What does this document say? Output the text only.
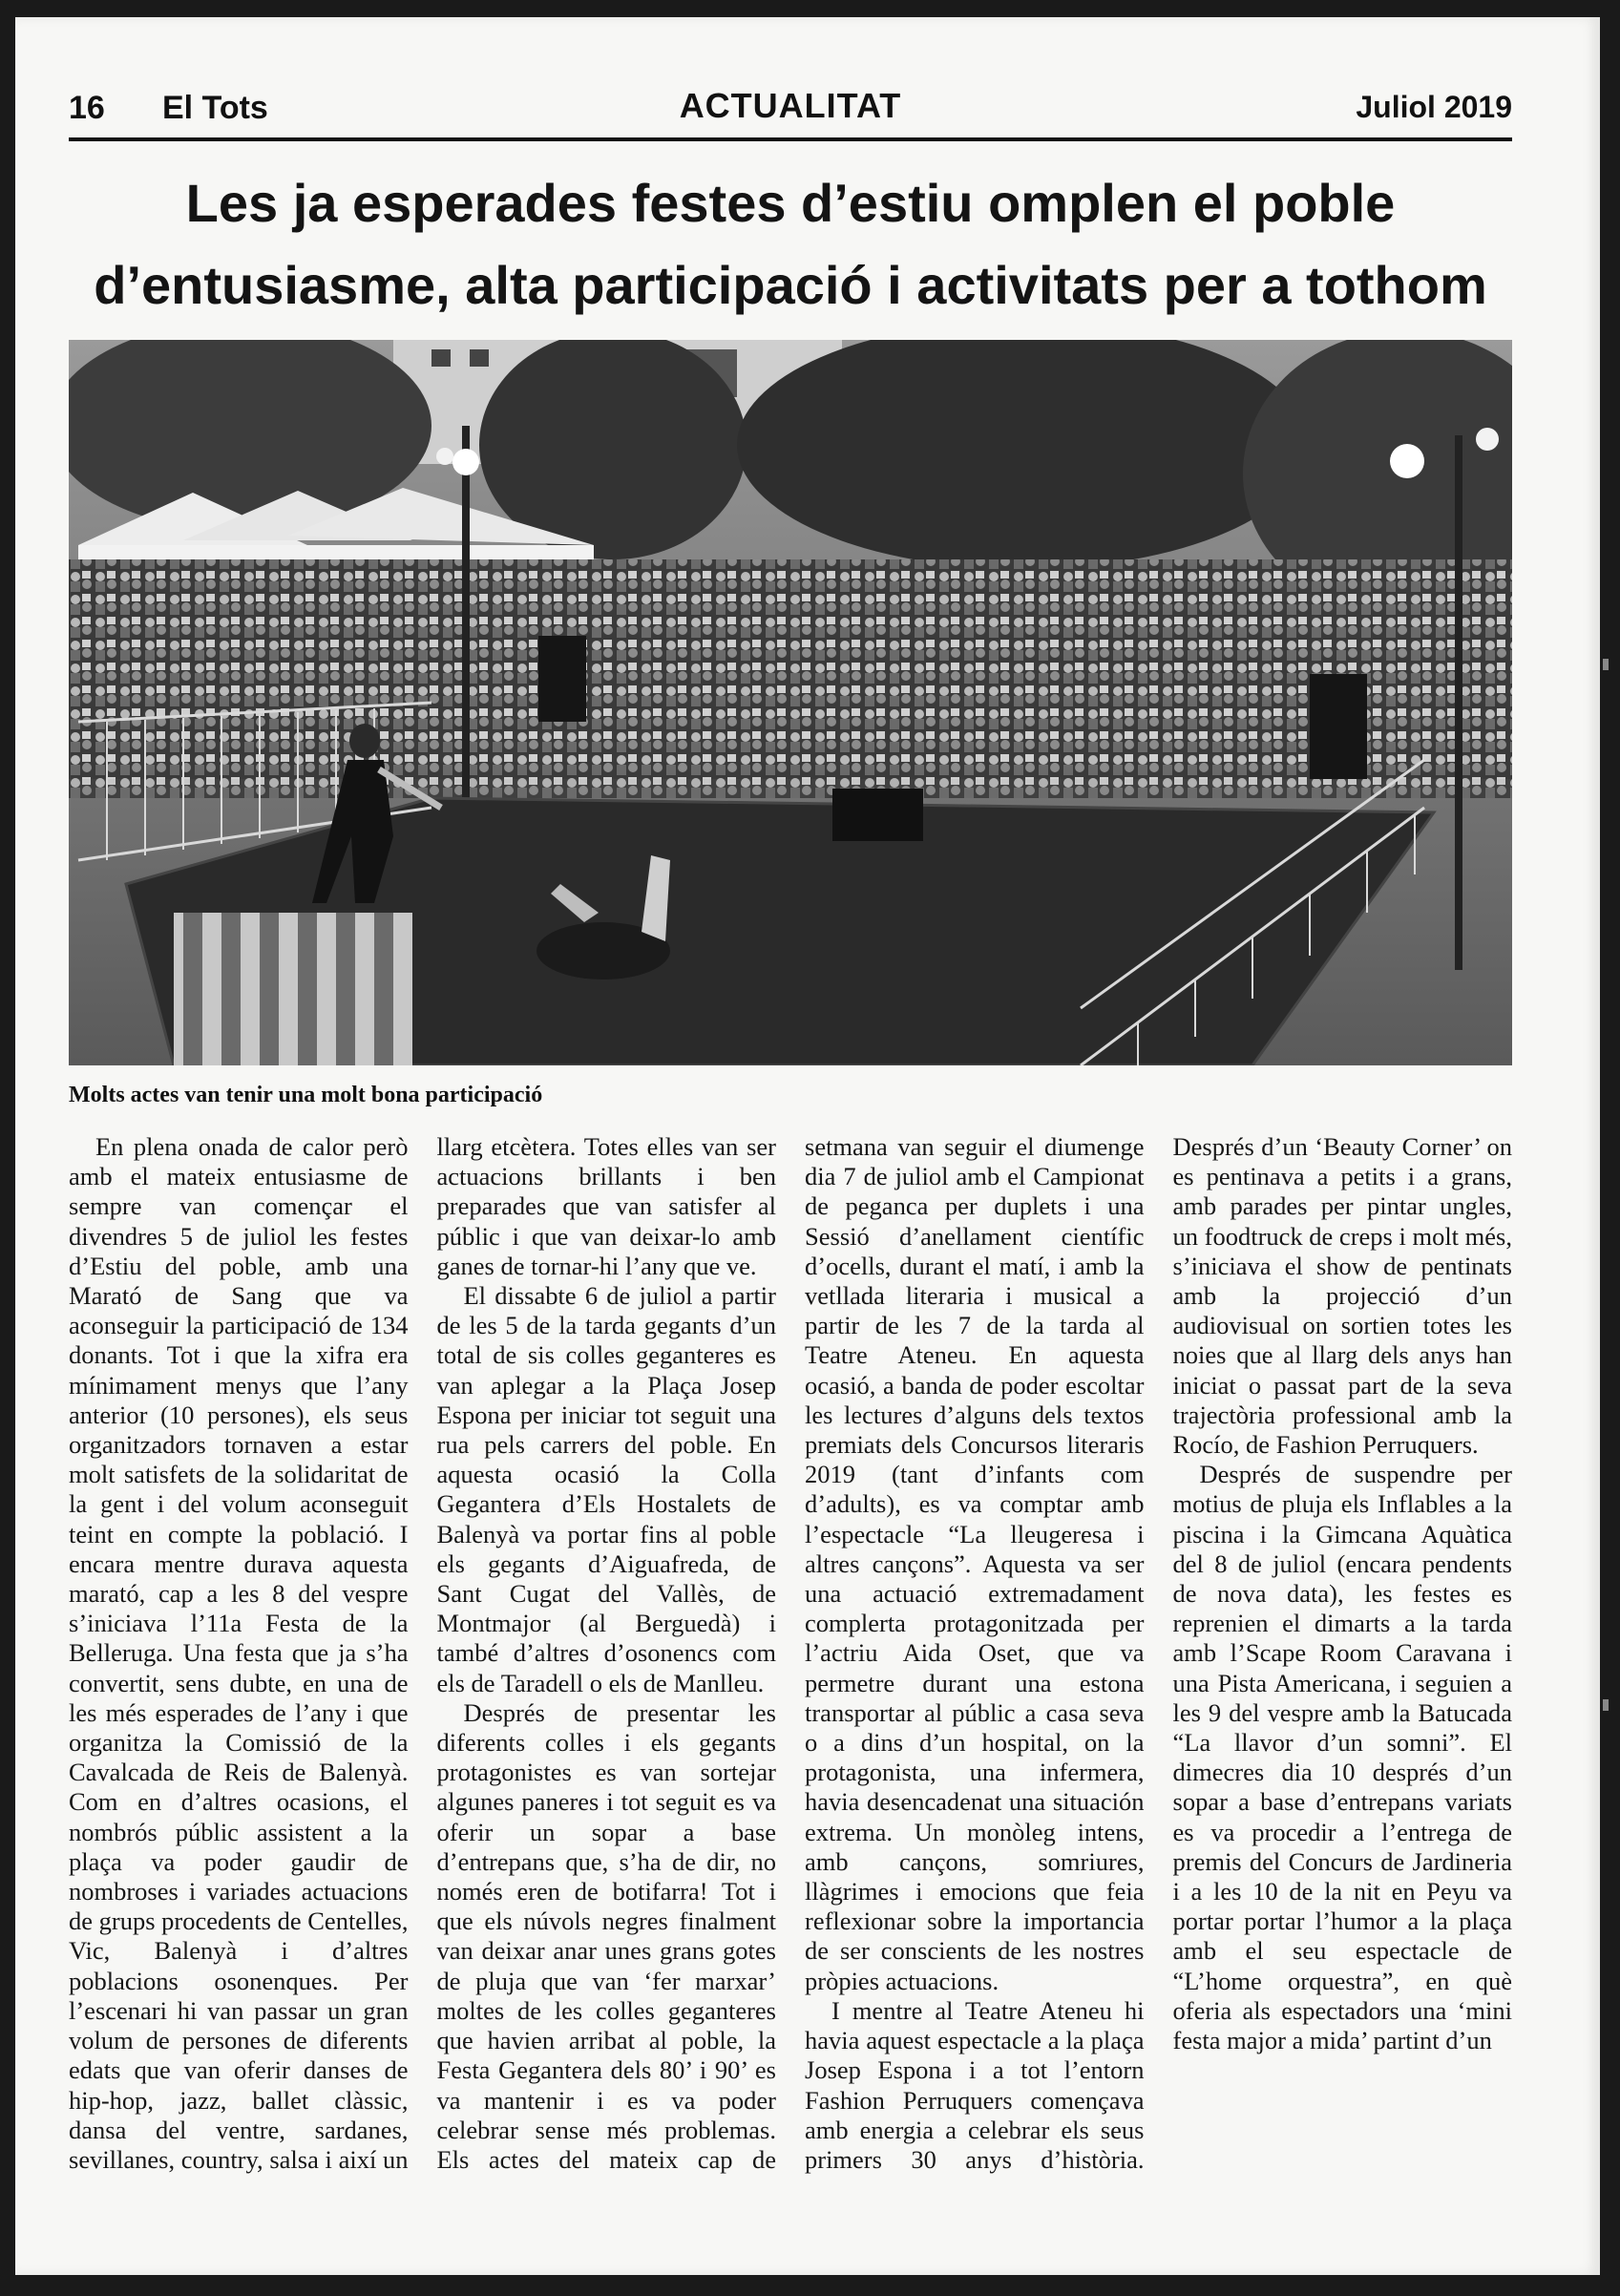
16 El Tots	ACTUALITAT	Juliol 2019
Les ja esperades festes d’estiu omplen el poble
d’entusiasme, alta participació i activitats per a tothom

Molts actes van tenir una molt bona participació

En plena onada de calor però amb el mateix entusiasme de sempre van començar el divendres 5 de juliol les festes d’Estiu del poble, amb una Marató de Sang que va aconseguir la participació de 134 donants. Tot i que la xifra era mínimament menys que l’any anterior (10 persones), els seus organitzadors tornaven a estar molt satisfets de la solidaritat de la gent i del volum aconseguit teint en compte la població. I encara mentre durava aquesta marató, cap a les 8 del vespre s’iniciava l’11a Festa de la Belleruga. Una festa que ja s’ha convertit, sens dubte, en una de les més esperades de l’any i que organitza la Comissió de la Cavalcada de Reis de Balenyà. Com en d’altres ocasions, el nombrós públic assistent a la plaça va poder gaudir de nombroses i variades actuacions de grups procedents de Centelles, Vic, Balenyà i d’altres poblacions osonenques. Per l’escenari hi van passar un gran volum de persones de diferents edats que van oferir danses de hip-hop, jazz, ballet clàssic, dansa del ventre, sardanes, sevillanes, country, salsa i així un llarg etcètera. Totes elles van ser actuacions brillants i ben preparades que van satisfer al públic i que van deixar-lo amb ganes de tornar-hi l’any que ve.

El dissabte 6 de juliol a partir de les 5 de la tarda gegants d’un total de sis colles geganteres es van aplegar a la Plaça Josep Espona per iniciar tot seguit una rua pels carrers del poble. En aquesta ocasió la Colla Gegantera d’Els Hostalets de Balenyà va portar fins al poble els gegants d’Aiguafreda, de Sant Cugat del Vallès, de Montmajor (al Berguedà) i també d’altres d’osonencs com els de Taradell o els de Manlleu.

Després de presentar les diferents colles i els gegants protagonistes es van sortejar algunes paneres i tot seguit es va oferir un sopar a base d’entrepans que, s’ha de dir, no només eren de botifarra! Tot i que els núvols negres finalment van deixar anar unes grans gotes de pluja que van ‘fer marxar’ moltes de les colles geganteres que havien arribat al poble, la Festa Gegantera dels 80’ i 90’ es va mantenir i es va poder celebrar sense més problemas. Els actes del mateix cap de setmana van seguir el diumenge dia 7 de juliol amb el Campionat de peganca per duplets i una Sessió d’anellament científic d’ocells, durant el matí, i amb la vetllada literaria i musical a partir de les 7 de la tarda al Teatre Ateneu. En aquesta ocasió, a banda de poder escoltar les lectures d’alguns dels textos premiats dels Concursos literaris 2019 (tant d’infants com d’adults), es va comptar amb l’espectacle “La lleugeresa i altres cançons”. Aquesta va ser una actuació extremadament complerta protagonitzada per l’actriu Aida Oset, que va permetre durant una estona transportar al públic a casa seva o a dins d’un hospital, on la protagonista, una infermera, havia desencadenat una situación extrema. Un monòleg intens, amb cançons, somriures, llàgrimes i emocions que feia reflexionar sobre la importancia de ser conscients de les nostres pròpies actuacions.

I mentre al Teatre Ateneu hi havia aquest espectacle a la plaça Josep Espona i a tot l’entorn Fashion Perruquers començava amb energia a celebrar els seus primers 30 anys d’història. Després d’un ‘Beauty Corner’ on es pentinava a petits i a grans, amb parades per pintar ungles, un foodtruck de creps i molt més, s’iniciava el show de pentinats amb la projecció d’un audiovisual on sortien totes les noies que al llarg dels anys han iniciat o passat part de la seva trajectòria professional amb la Rocío, de Fashion Perruquers.

Després de suspendre per motius de pluja els Inflables a la piscina i la Gimcana Aquàtica del 8 de juliol (encara pendents de nova data), les festes es reprenien el dimarts a la tarda amb l’Scape Room Caravana i una Pista Americana, i seguien a les 9 del vespre amb la Batucada “La llavor d’un somni”. El dimecres dia 10 després d’un sopar a base d’entrepans variats es va procedir a l’entrega de premis del Concurs de Jardineria i a les 10 de la nit en Peyu va portar portar l’humor a la plaça amb el seu espectacle de “L’home orquestra”, en què oferia als espectadors una ‘mini festa major a mida’ partint d’un
